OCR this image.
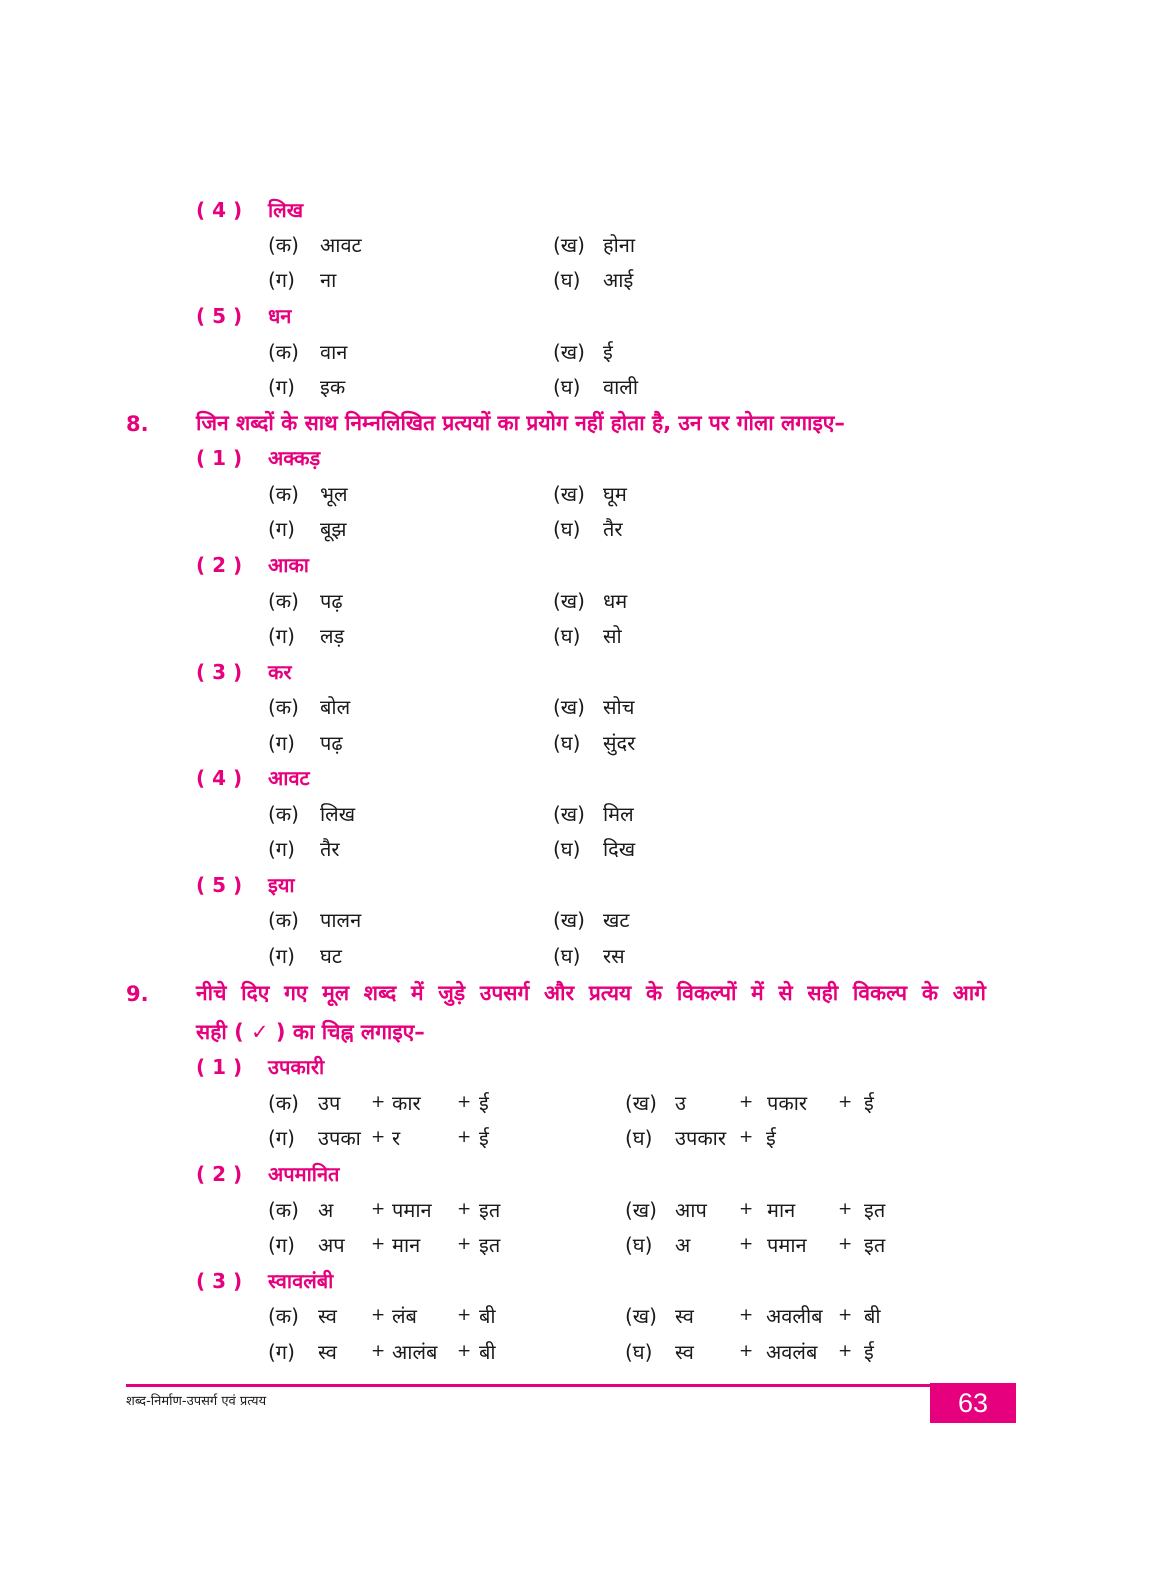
( 4 ) लिख
(क) आवट	(ख) होना
(ग) ना	(घ) आई
( 5 ) धन
(क) वान	(ख) ई
(ग) इक	(घ) वाली
8. जिन शब्दों के साथ निम्नलिखित प्रत्ययों का प्रयोग नहीं होता है, उन पर गोला लगाइए–
( 1 ) अक्कड़
(क) भूल	(ख) घूम
(ग) बूझ	(घ) तैर
( 2 ) आका
(क) पढ़	(ख) धम
(ग) लड़	(घ) सो
( 3 ) कर
(क) बोल	(ख) सोच
(ग) पढ़	(घ) सुंदर
( 4 ) आवट
(क) लिख	(ख) मिल
(ग) तैर	(घ) दिख
( 5 ) इया
(क) पालन	(ख) खट
(ग) घट	(घ) रस
9. नीचे दिए गए मूल शब्द में जुड़े उपसर्ग और प्रत्यय के विकल्पों में से सही विकल्प के आगे
सही ( ✓ ) का चिह्न लगाइए–
( 1 ) उपकारी
(क) उप + कार + ई	(ख) उ	+ पकार + ई
(ग) उपका + र	+ ई	(घ) उपकार + ई
( 2 ) अपमानित
(क) अ + पमान + इत	(ख) आप + मान	+ इत
(ग) अप + मान + इत	(घ) अ	+ पमान + इत
( 3 ) स्वावलंबी
(क) स्व + लंब + बी	(ख) स्व	+ अवलीब + बी
(ग) स्व + आलंब + बी	(घ) स्व	+ अवलंब + ई
शब्द-निर्माण-उपसर्ग एवं प्रत्यय	63
